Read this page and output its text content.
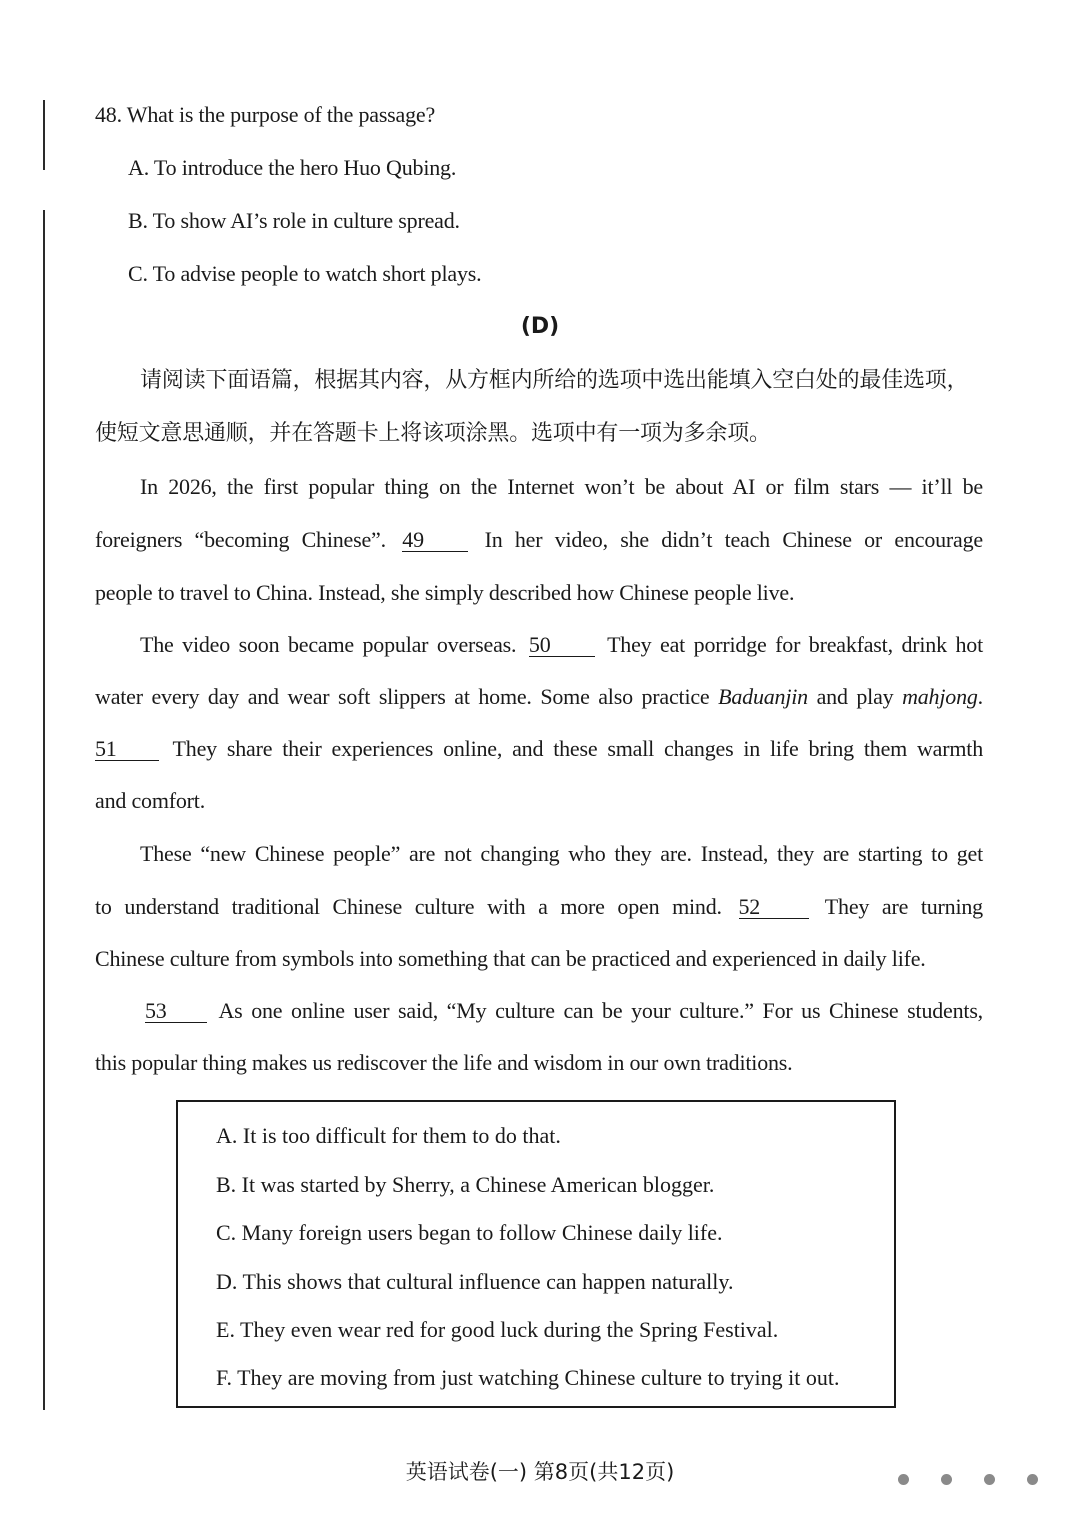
48. What is the purpose of the passage?
A. To introduce the hero Huo Qubing.
B. To show AI’s role in culture spread.
C. To advise people to watch short plays.
(D)
请阅读下面语篇，根据其内容，从方框内所给的选项中选出能填入空白处的最佳选项，
使短文意思通顺，并在答题卡上将该项涂黑。选项中有一项为多余项。
In 2026, the first popular thing on the Internet won’t be about AI or film stars — it’ll be
foreigners “becoming Chinese”. 49	In her video, she didn’t teach Chinese or encourage
people to travel to China. Instead, she simply described how Chinese people live.
The video soon became popular overseas. 50	They eat porridge for breakfast, drink hot
water every day and wear soft slippers at home. Some also practice Baduanjin and play mahjong.
51	They share their experiences online, and these small changes in life bring them warmth
and comfort.
These “new Chinese people” are not changing who they are. Instead, they are starting to get
to understand traditional Chinese culture with a more open mind. 52	They are turning
Chinese culture from symbols into something that can be practiced and experienced in daily life.
53 As one online user said, “My culture can be your culture.” For us Chinese students,
this popular thing makes us rediscover the life and wisdom in our own traditions.
A. It is too difficult for them to do that.
B. It was started by Sherry, a Chinese American blogger.
C. Many foreign users began to follow Chinese daily life.
D. This shows that cultural influence can happen naturally.
E. They even wear red for good luck during the Spring Festival.
F. They are moving from just watching Chinese culture to trying it out.
英语试卷(一) 第8页(共12页)
